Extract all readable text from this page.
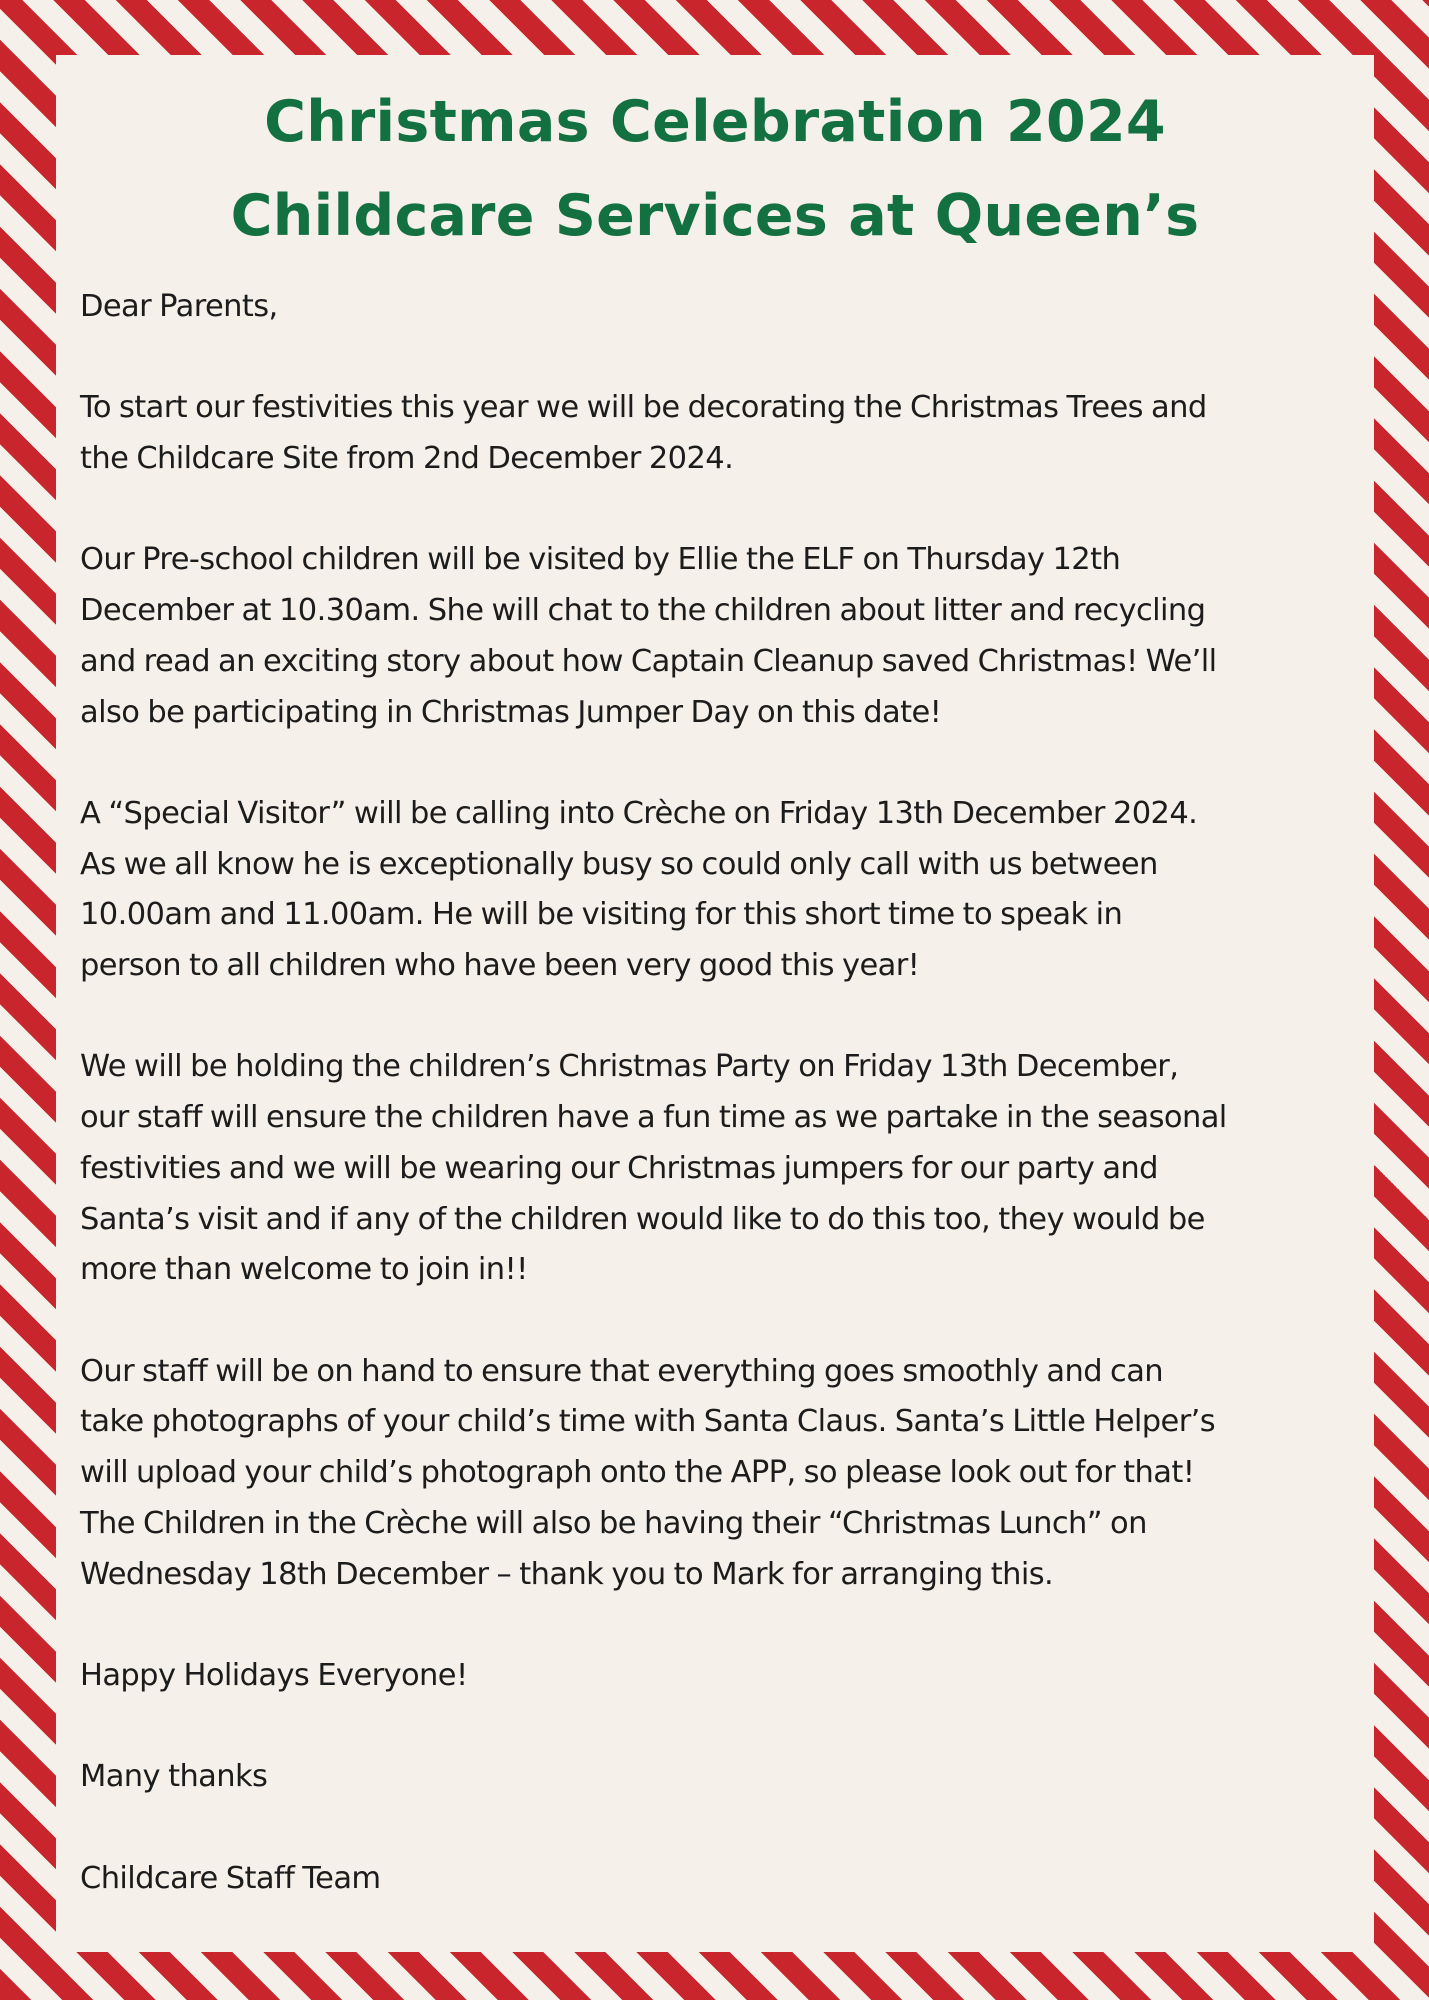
Christmas Celebration 2024
Childcare Services at Queen’s

Dear Parents,

To start our festivities this year we will be decorating the Christmas Trees and
the Childcare Site from 2nd December 2024.

Our Pre-school children will be visited by Ellie the ELF on Thursday 12th
December at 10.30am. She will chat to the children about litter and recycling
and read an exciting story about how Captain Cleanup saved Christmas! We’ll
also be participating in Christmas Jumper Day on this date!

A “Special Visitor” will be calling into Crèche on Friday 13th December 2024.
As we all know he is exceptionally busy so could only call with us between
10.00am and 11.00am. He will be visiting for this short time to speak in
person to all children who have been very good this year!

We will be holding the children’s Christmas Party on Friday 13th December,
our staff will ensure the children have a fun time as we partake in the seasonal
festivities and we will be wearing our Christmas jumpers for our party and
Santa’s visit and if any of the children would like to do this too, they would be
more than welcome to join in!!

Our staff will be on hand to ensure that everything goes smoothly and can
take photographs of your child’s time with Santa Claus. Santa’s Little Helper’s
will upload your child’s photograph onto the APP, so please look out for that!
The Children in the Crèche will also be having their “Christmas Lunch” on
Wednesday 18th December – thank you to Mark for arranging this.

Happy Holidays Everyone!

Many thanks

Childcare Staff Team
